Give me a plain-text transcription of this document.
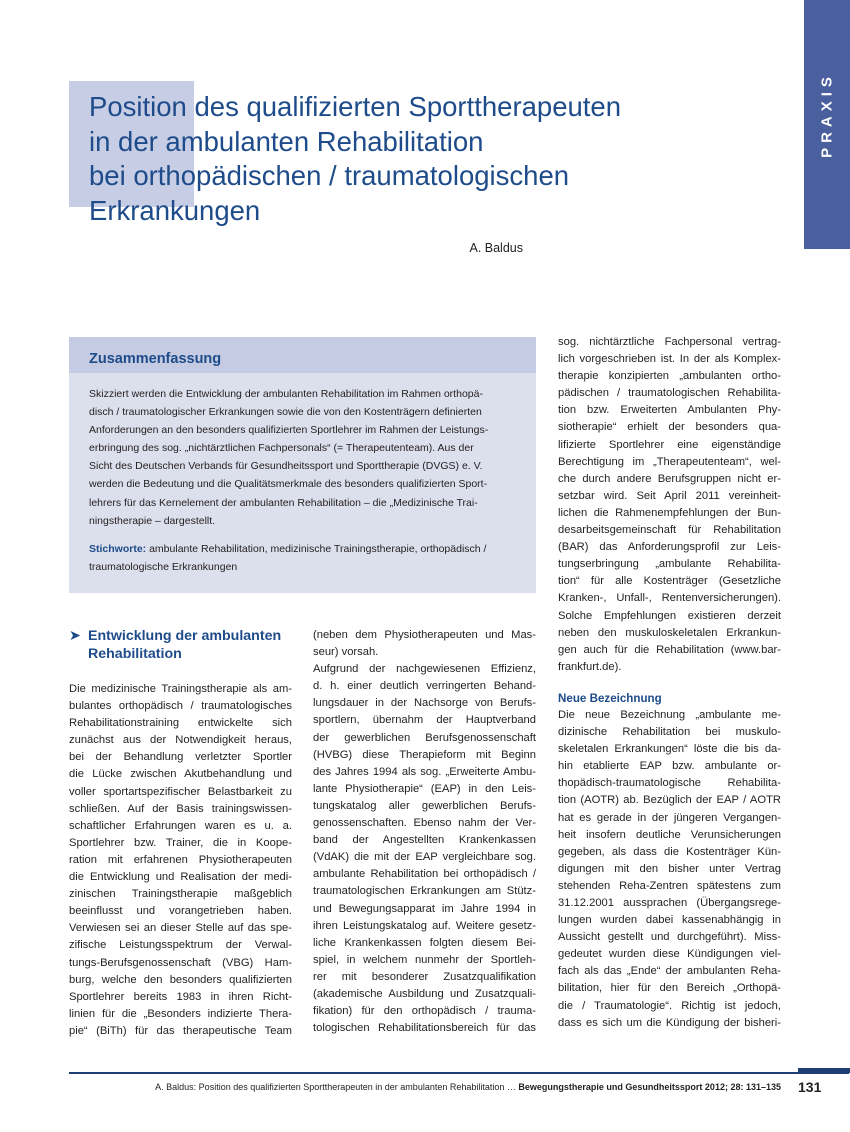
PRAXIS
Position des qualifizierten Sporttherapeuten
in der ambulanten Rehabilitation
bei orthopädischen / traumatologischen
Erkrankungen
A. Baldus
Zusammenfassung
Skizziert werden die Entwicklung der ambulanten Rehabilitation im Rahmen orthopä-
disch / traumatologischer Erkrankungen sowie die von den Kostenträgern definierten
Anforderungen an den besonders qualifizierten Sportlehrer im Rahmen der Leistungs-
erbringung des sog. „nichtärztlichen Fachpersonals“ (= Therapeutenteam). Aus der
Sicht des Deutschen Verbands für Gesundheitssport und Sporttherapie (DVGS) e. V.
werden die Bedeutung und die Qualitätsmerkmale des besonders qualifizierten Sport-
lehrers für das Kernelement der ambulanten Rehabilitation – die „Medizinische Trai-
ningstherapie – dargestellt.
Stichworte: ambulante Rehabilitation, medizinische Trainingstherapie, orthopädisch /
traumatologische Erkrankungen
➤ Entwicklung der ambulanten
Rehabilitation

Die medizinische Trainingstherapie als am-

bulantes orthopädisch / traumatologisches

Rehabilitationstraining entwickelte sich

zunächst aus der Notwendigkeit heraus,

bei der Behandlung verletzter Sportler

die Lücke zwischen Akutbehandlung und

voller sportartspezifischer Belastbarkeit zu

schließen. Auf der Basis trainingswissen-

schaftlicher Erfahrungen waren es u. a.

Sportlehrer bzw. Trainer, die in Koope-

ration mit erfahrenen Physiotherapeuten

die Entwicklung und Realisation der medi-

zinischen Trainingstherapie maßgeblich

beeinflusst und vorangetrieben haben.

Verwiesen sei an dieser Stelle auf das spe-

zifische Leistungsspektrum der Verwal-

tungs-Berufsgenossenschaft (VBG) Ham-

burg, welche den besonders qualifizierten

Sportlehrer bereits 1983 in ihren Richt-

linien für die „Besonders indizierte Thera-

pie“ (BiTh) für das therapeutische Team

(neben dem Physiotherapeuten und Mas-

seur) vorsah.

Aufgrund der nachgewiesenen Effizienz,

d. h. einer deutlich verringerten Behand-

lungsdauer in der Nachsorge von Berufs-

sportlern, übernahm der Hauptverband

der gewerblichen Berufsgenossenschaft

(HVBG) diese Therapieform mit Beginn

des Jahres 1994 als sog. „Erweiterte Ambu-

lante Physiotherapie“ (EAP) in den Leis-

tungskatalog aller gewerblichen Berufs-

genossenschaften. Ebenso nahm der Ver-

band der Angestellten Krankenkassen

(VdAK) die mit der EAP vergleichbare sog.

ambulante Rehabilitation bei orthopädisch /

traumatologischen Erkrankungen am Stütz-

und Bewegungsapparat im Jahre 1994 in

ihren Leistungskatalog auf. Weitere gesetz-

liche Krankenkassen folgten diesem Bei-

spiel, in welchem nunmehr der Sportleh-

rer mit besonderer Zusatzqualifikation

(akademische Ausbildung und Zusatzquali-

fikation) für den orthopädisch / trauma-

tologischen Rehabilitationsbereich für das

sog. nichtärztliche Fachpersonal vertrag-

lich vorgeschrieben ist. In der als Komplex-

therapie konzipierten „ambulanten ortho-

pädischen / traumatologischen Rehabilita-

tion bzw. Erweiterten Ambulanten Phy-

siotherapie“ erhielt der besonders qua-

lifizierte Sportlehrer eine eigenständige

Berechtigung im „Therapeutenteam“, wel-

che durch andere Berufsgruppen nicht er-

setzbar wird. Seit April 2011 vereinheit-

lichen die Rahmenempfehlungen der Bun-

desarbeitsgemeinschaft für Rehabilitation

(BAR) das Anforderungsprofil zur Leis-

tungserbringung „ambulante Rehabilita-

tion“ für alle Kostenträger (Gesetzliche

Kranken-, Unfall-, Rentenversicherungen).

Solche Empfehlungen existieren derzeit

neben den muskuloskeletalen Erkrankun-

gen auch für die Rehabilitation (www.bar-

frankfurt.de).

Neue Bezeichnung

Die neue Bezeichnung „ambulante me-

dizinische Rehabilitation bei muskulo-

skeletalen Erkrankungen“ löste die bis da-

hin etablierte EAP bzw. ambulante or-

thopädisch-traumatologische Rehabilita-

tion (AOTR) ab. Bezüglich der EAP / AOTR

hat es gerade in der jüngeren Vergangen-

heit insofern deutliche Verunsicherungen

gegeben, als dass die Kostenträger Kün-

digungen mit den bisher unter Vertrag

stehenden Reha-Zentren spätestens zum

31.12.2001 aussprachen (Übergangsrege-

lungen wurden dabei kassenabhängig in

Aussicht gestellt und durchgeführt). Miss-

gedeutet wurden diese Kündigungen viel-

fach als das „Ende“ der ambulanten Reha-

bilitation, hier für den Bereich „Orthopä-

die / Traumatologie“. Richtig ist jedoch,

dass es sich um die Kündigung der bisheri-

A. Baldus: Position des qualifizierten Sporttherapeuten in der ambulanten Rehabilitation … Bewegungstherapie und Gesundheitssport 2012; 28: 131–135 131
